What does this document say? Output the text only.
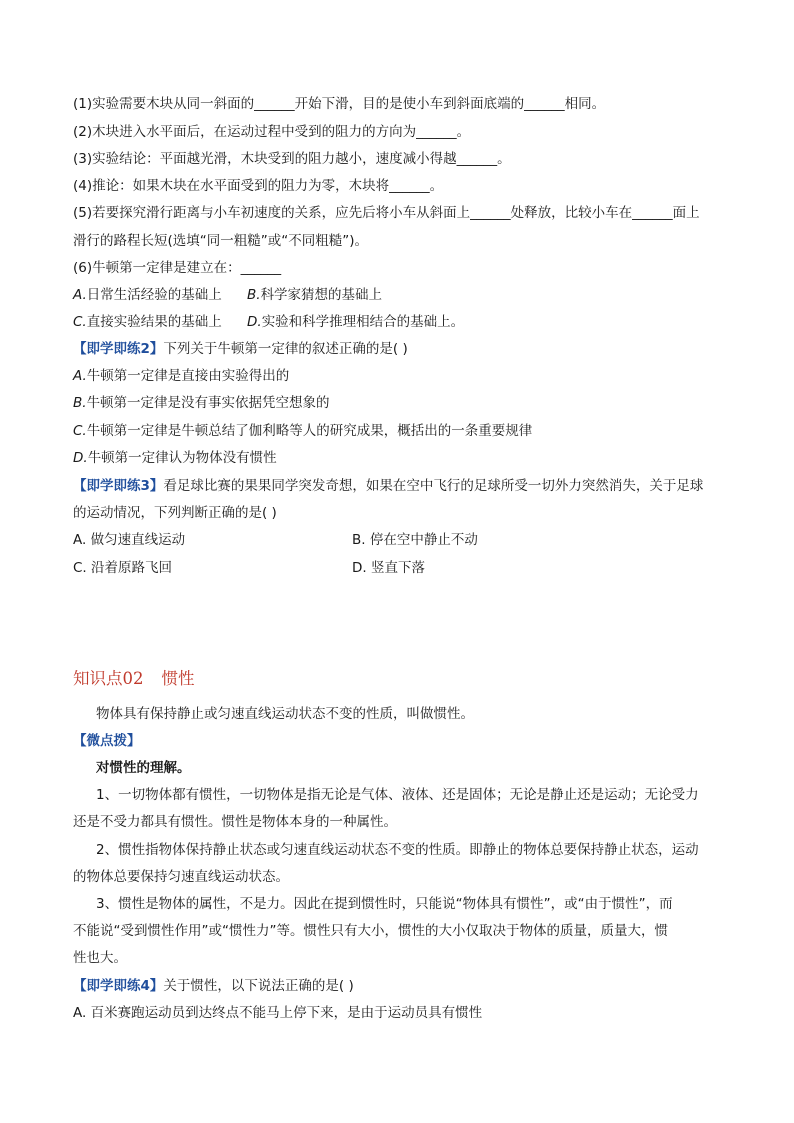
(1)实验需要木块从同一斜面的______开始下滑，目的是使小车到斜面底端的______相同。
(2)木块进入水平面后，在运动过程中受到的阻力的方向为______。
(3)实验结论：平面越光滑，木块受到的阻力越小，速度减小得越______。
(4)推论：如果木块在水平面受到的阻力为零，木块将______。
(5)若要探究滑行距离与小车初速度的关系，应先后将小车从斜面上______处释放，比较小车在______面上
滑行的路程长短(选填“同一粗糙”或“不同粗糙”)。
(6)牛顿第一定律是建立在：______
A.日常生活经验的基础上 B.科学家猜想的基础上
C.直接实验结果的基础上 D.实验和科学推理相结合的基础上。
【即学即练2】下列关于牛顿第一定律的叙述正确的是( )
A.牛顿第一定律是直接由实验得出的
B.牛顿第一定律是没有事实依据凭空想象的
C.牛顿第一定律是牛顿总结了伽利略等人的研究成果，概括出的一条重要规律
D.牛顿第一定律认为物体没有惯性
【即学即练3】看足球比赛的果果同学突发奇想，如果在空中飞行的足球所受一切外力突然消失，关于足球
的运动情况，下列判断正确的是( )
A. 做匀速直线运动	B. 停在空中静止不动
C. 沿着原路飞回	D. 竖直下落
知识点02 惯性
物体具有保持静止或匀速直线运动状态不变的性质，叫做惯性。
【微点拨】
对惯性的理解。
1、一切物体都有惯性，一切物体是指无论是气体、液体、还是固体；无论是静止还是运动；无论受力
还是不受力都具有惯性。惯性是物体本身的一种属性。
2、惯性指物体保持静止状态或匀速直线运动状态不变的性质。即静止的物体总要保持静止状态，运动
的物体总要保持匀速直线运动状态。
3、惯性是物体的属性，不是力。因此在提到惯性时，只能说“物体具有惯性”，或“由于惯性”，而
不能说“受到惯性作用”或“惯性力”等。惯性只有大小，惯性的大小仅取决于物体的质量，质量大，惯
性也大。
【即学即练4】关于惯性，以下说法正确的是( )
A. 百米赛跑运动员到达终点不能马上停下来，是由于运动员具有惯性
